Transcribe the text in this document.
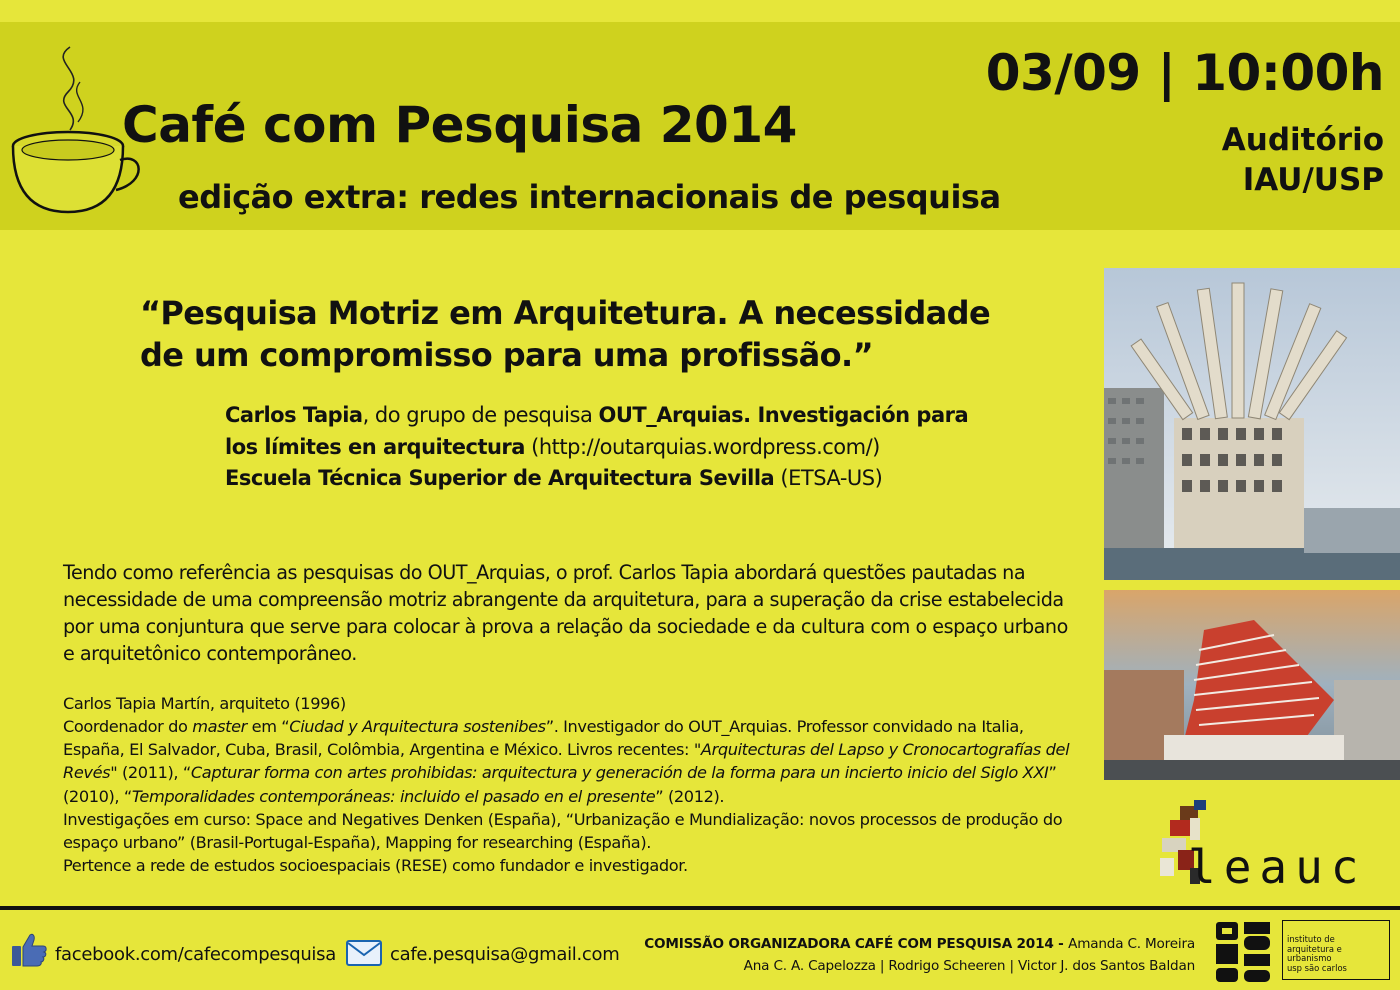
Café com Pesquisa 2014
edição extra: redes internacionais de pesquisa
03/09 | 10:00h
Auditório
IAU/USP
“Pesquisa Motriz em Arquitetura. A necessidade
de um compromisso para uma profissão.”
Carlos Tapia, do grupo de pesquisa OUT_Arquias. Investigación para
los límites en arquitectura (http://outarquias.wordpress.com/)
Escuela Técnica Superior de Arquitectura Sevilla (ETSA-US)
Tendo como referência as pesquisas do OUT_Arquias, o prof. Carlos Tapia abordará questões pautadas na necessidade de uma compreensão motriz abrangente da arquitetura, para a superação da crise estabelecida por uma conjuntura que serve para colocar à prova a relação da sociedade e da cultura com o espaço urbano e arquitetônico contemporâneo.
Carlos Tapia Martín, arquiteto (1996)
Coordenador do master em “Ciudad y Arquitectura sostenibes”. Investigador do OUT_Arquias. Professor convidado na Italia, España, El Salvador, Cuba, Brasil, Colômbia, Argentina e México. Livros recentes: "Arquitecturas del Lapso y Cronocartografías del Revés" (2011), “Capturar forma con artes prohibidas: arquitectura y generación de la forma para un incierto inicio del Siglo XXI” (2010), “Temporalidades contemporáneas: incluido el pasado en el presente” (2012).
Investigações em curso: Space and Negatives Denken (España), “Urbanização e Mundialização: novos processos de produção do espaço urbano” (Brasil-Portugal-España), Mapping for researching (España).
Pertence a rede de estudos socioespaciais (RESE) como fundador e investigador.	leauc
facebook.com/cafecompesquisa	cafe.pesquisa@gmail.com COMISSÃO ORGANIZADORA CAFÉ COM PESQUISA 2014 - Amanda C. Moreira
Ana C. A. Capelozza | Rodrigo Scheeren | Victor J. dos Santos Baldan
instituto de
arquitetura e urbanismo
usp são carlos
